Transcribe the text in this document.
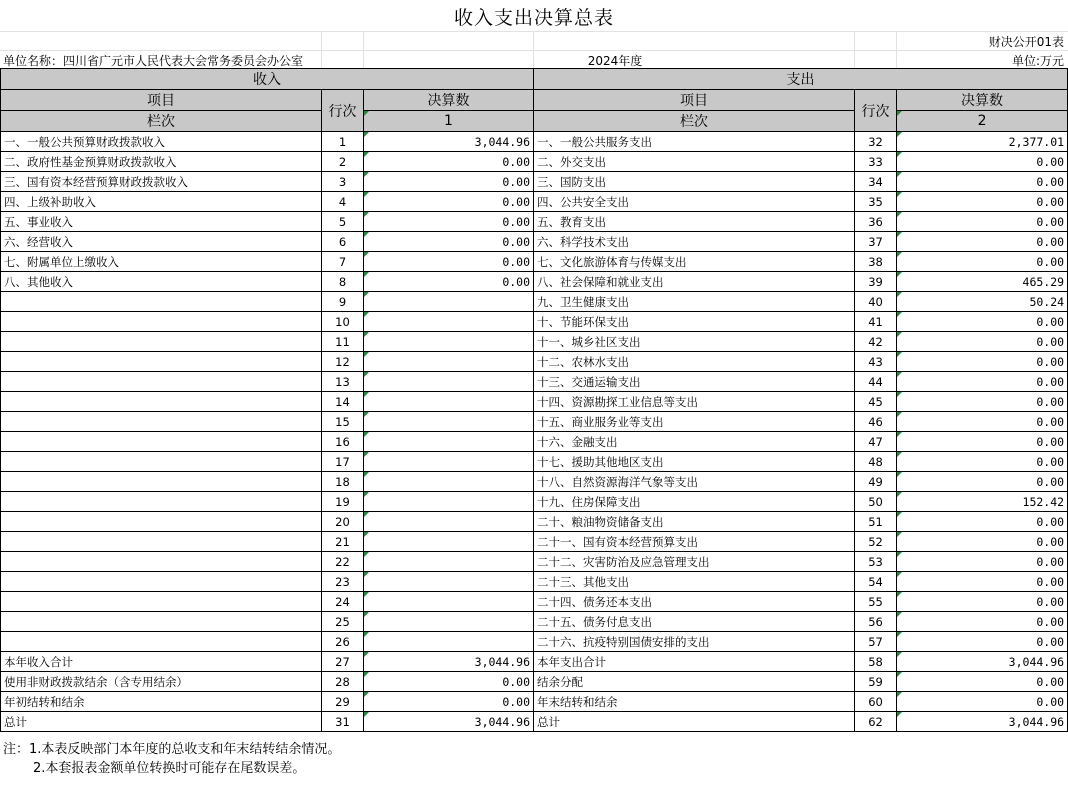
收入支出决算总表
财决公开01表
单位名称：四川省广元市人民代表大会常务委员会办公室	2024年度	单位:万元
收入			支出		
项目	行次	决算数	项目	行次	决算数
栏次		1	栏次		2
一、一般公共预算财政拨款收入	1	3,044.96	一、一般公共服务支出	32	2,377.01
二、政府性基金预算财政拨款收入	2	0.00	二、外交支出	33	0.00
三、国有资本经营预算财政拨款收入	3	0.00	三、国防支出	34	0.00
四、上级补助收入	4	0.00	四、公共安全支出	35	0.00
五、事业收入	5	0.00	五、教育支出	36	0.00
六、经营收入	6	0.00	六、科学技术支出	37	0.00
七、附属单位上缴收入	7	0.00	七、文化旅游体育与传媒支出	38	0.00
八、其他收入	8	0.00	八、社会保障和就业支出	39	465.29
	9		九、卫生健康支出	40	50.24
	10		十、节能环保支出	41	0.00
	11		十一、城乡社区支出	42	0.00
	12		十二、农林水支出	43	0.00
	13		十三、交通运输支出	44	0.00
	14		十四、资源勘探工业信息等支出	45	0.00
	15		十五、商业服务业等支出	46	0.00
	16		十六、金融支出	47	0.00
	17		十七、援助其他地区支出	48	0.00
	18		十八、自然资源海洋气象等支出	49	0.00
	19		十九、住房保障支出	50	152.42
	20		二十、粮油物资储备支出	51	0.00
	21		二十一、国有资本经营预算支出	52	0.00
	22		二十二、灾害防治及应急管理支出	53	0.00
	23		二十三、其他支出	54	0.00
	24		二十四、债务还本支出	55	0.00
	25		二十五、债务付息支出	56	0.00
	26		二十六、抗疫特别国债安排的支出	57	0.00
本年收入合计	27	3,044.96	本年支出合计	58	3,044.96
使用非财政拨款结余（含专用结余）	28	0.00	结余分配	59	0.00
年初结转和结余	29	0.00	年末结转和结余	60	0.00
总计	31	3,044.96	总计	62	3,044.96
注：1.本表反映部门本年度的总收支和年末结转结余情况。
2.本套报表金额单位转换时可能存在尾数误差。
